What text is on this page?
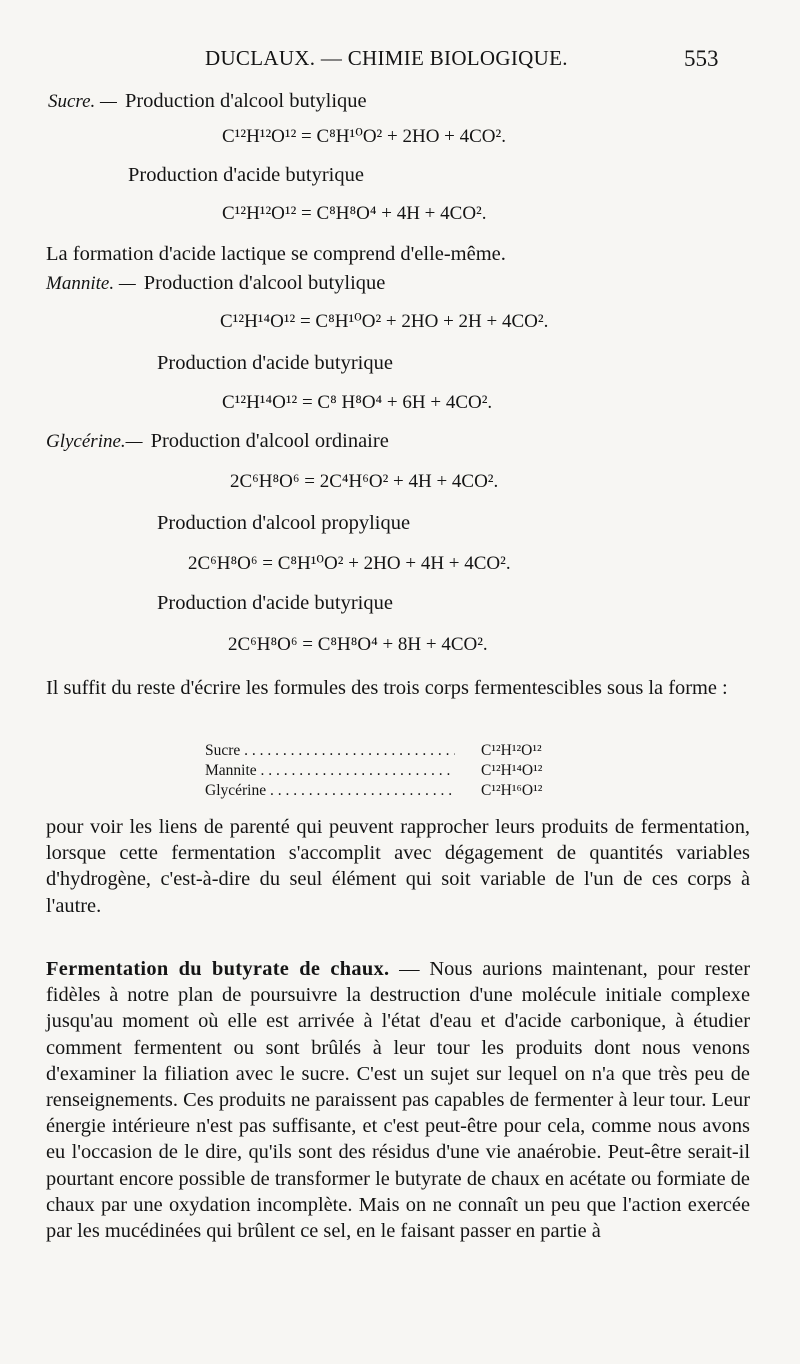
DUCLAUX. — CHIMIE BIOLOGIQUE.	553
Sucre. — Production d'alcool butylique
C¹²H¹²O¹² = C⁸H¹⁰O² + 2HO + 4CO².
Production d'acide butyrique
C¹²H¹²O¹² = C⁸H⁸O⁴ + 4H + 4CO².
La formation d'acide lactique se comprend d'elle-même.
Mannite. — Production d'alcool butylique
C¹²H¹⁴O¹² = C⁸H¹⁰O² + 2HO + 2H + 4CO².
Production d'acide butyrique
C¹²H¹⁴O¹² = C⁸ H⁸O⁴ + 6H + 4CO².
Glycérine.— Production d'alcool ordinaire
2C⁶H⁸O⁶ = 2C⁴H⁶O² + 4H + 4CO².
Production d'alcool propylique
2C⁶H⁸O⁶ = C⁸H¹⁰O² + 2HO + 4H + 4CO².
Production d'acide butyrique
2C⁶H⁸O⁶ = C⁸H⁸O⁴ + 8H + 4CO².
Il suffit du reste d'écrire les formules des trois corps fermentescibles sous la forme :
Sucre . . .	C¹²H¹²O¹²
Mannite . . .	C¹²H¹⁴O¹²
Glycérine . . .	C¹²H¹⁶O¹²
pour voir les liens de parenté qui peuvent rapprocher leurs produits de fermentation, lorsque cette fermentation s'accomplit avec dégagement de quantités variables d'hydrogène, c'est-à-dire du seul élément qui soit variable de l'un de ces corps à l'autre.
Fermentation du butyrate de chaux. — Nous aurions maintenant, pour rester fidèles à notre plan de poursuivre la destruction d'une molécule initiale complexe jusqu'au moment où elle est arrivée à l'état d'eau et d'acide carbonique, à étudier comment fermentent ou sont brûlés à leur tour les produits dont nous venons d'examiner la filiation avec le sucre. C'est un sujet sur lequel on n'a que très peu de renseignements. Ces produits ne paraissent pas capables de fermenter à leur tour. Leur énergie intérieure n'est pas suffisante, et c'est peut-être pour cela, comme nous avons eu l'occasion de le dire, qu'ils sont des résidus d'une vie anaérobie. Peut-être serait-il pourtant encore possible de transformer le butyrate de chaux en acétate ou formiate de chaux par une oxydation incomplète. Mais on ne connaît un peu que l'action exercée par les mucédinées qui brûlent ce sel, en le faisant passer en partie à
